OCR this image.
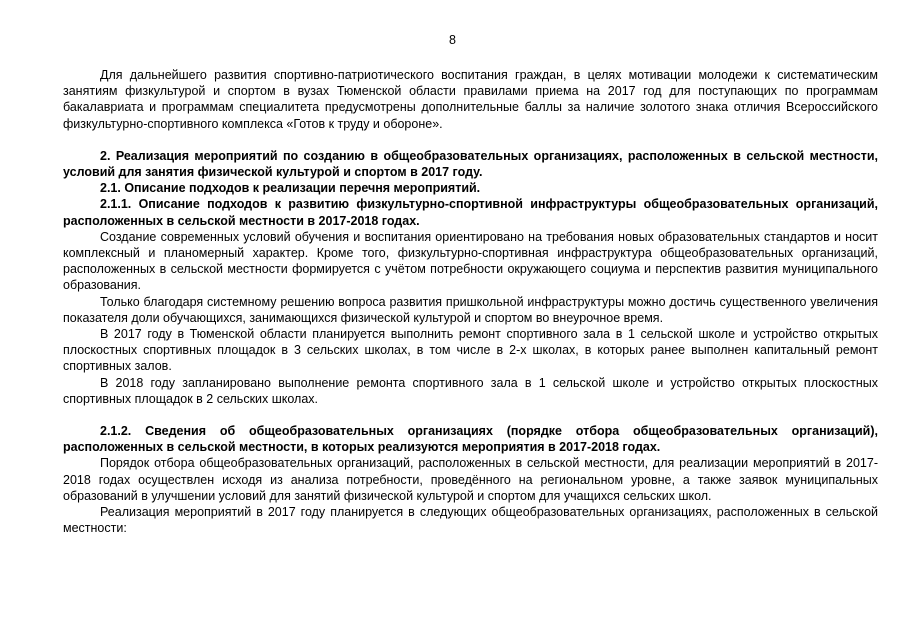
8

Для дальнейшего развития спортивно-патриотического воспитания граждан, в целях мотивации молодежи к систематическим занятиям физкультурой и спортом в вузах Тюменской области правилами приема на 2017 год для поступающих по программам бакалавриата и программам специалитета предусмотрены дополнительные баллы за наличие золотого знака отличия Всероссийского физкультурно-спортивного комплекса «Готов к труду и обороне».

2. Реализация мероприятий по созданию в общеобразовательных организациях, расположенных в сельской местности, условий для занятия физической культурой и спортом в 2017 году.

2.1. Описание подходов к реализации перечня мероприятий.

2.1.1. Описание подходов к развитию физкультурно-спортивной инфраструктуры общеобразовательных организаций, расположенных в сельской местности в 2017-2018 годах.

Создание современных условий обучения и воспитания ориентировано на требования новых образовательных стандартов и носит комплексный и планомерный характер. Кроме того, физкультурно-спортивная инфраструктура общеобразовательных организаций, расположенных в сельской местности формируется с учётом потребности окружающего социума и перспектив развития муниципального образования.

Только благодаря системному решению вопроса развития пришкольной инфраструктуры можно достичь существенного увеличения показателя доли обучающихся, занимающихся физической культурой и спортом во внеурочное время.

В 2017 году в Тюменской области планируется выполнить ремонт спортивного зала в 1 сельской школе и устройство открытых плоскостных спортивных площадок в 3 сельских школах, в том числе в 2-х школах, в которых ранее выполнен капитальный ремонт спортивных залов.

В 2018 году запланировано выполнение ремонта спортивного зала в 1 сельской школе и устройство открытых плоскостных спортивных площадок в 2 сельских школах.

2.1.2. Сведения об общеобразовательных организациях (порядке отбора общеобразовательных организаций), расположенных в сельской местности, в которых реализуются мероприятия в 2017-2018 годах.

Порядок отбора общеобразовательных организаций, расположенных в сельской местности, для реализации мероприятий в 2017-2018 годах осуществлен исходя из анализа потребности, проведённого на региональном уровне, а также заявок муниципальных образований в улучшении условий для занятий физической культурой и спортом для учащихся сельских школ.

Реализация мероприятий в 2017 году планируется в следующих общеобразовательных организациях, расположенных в сельской местности:
